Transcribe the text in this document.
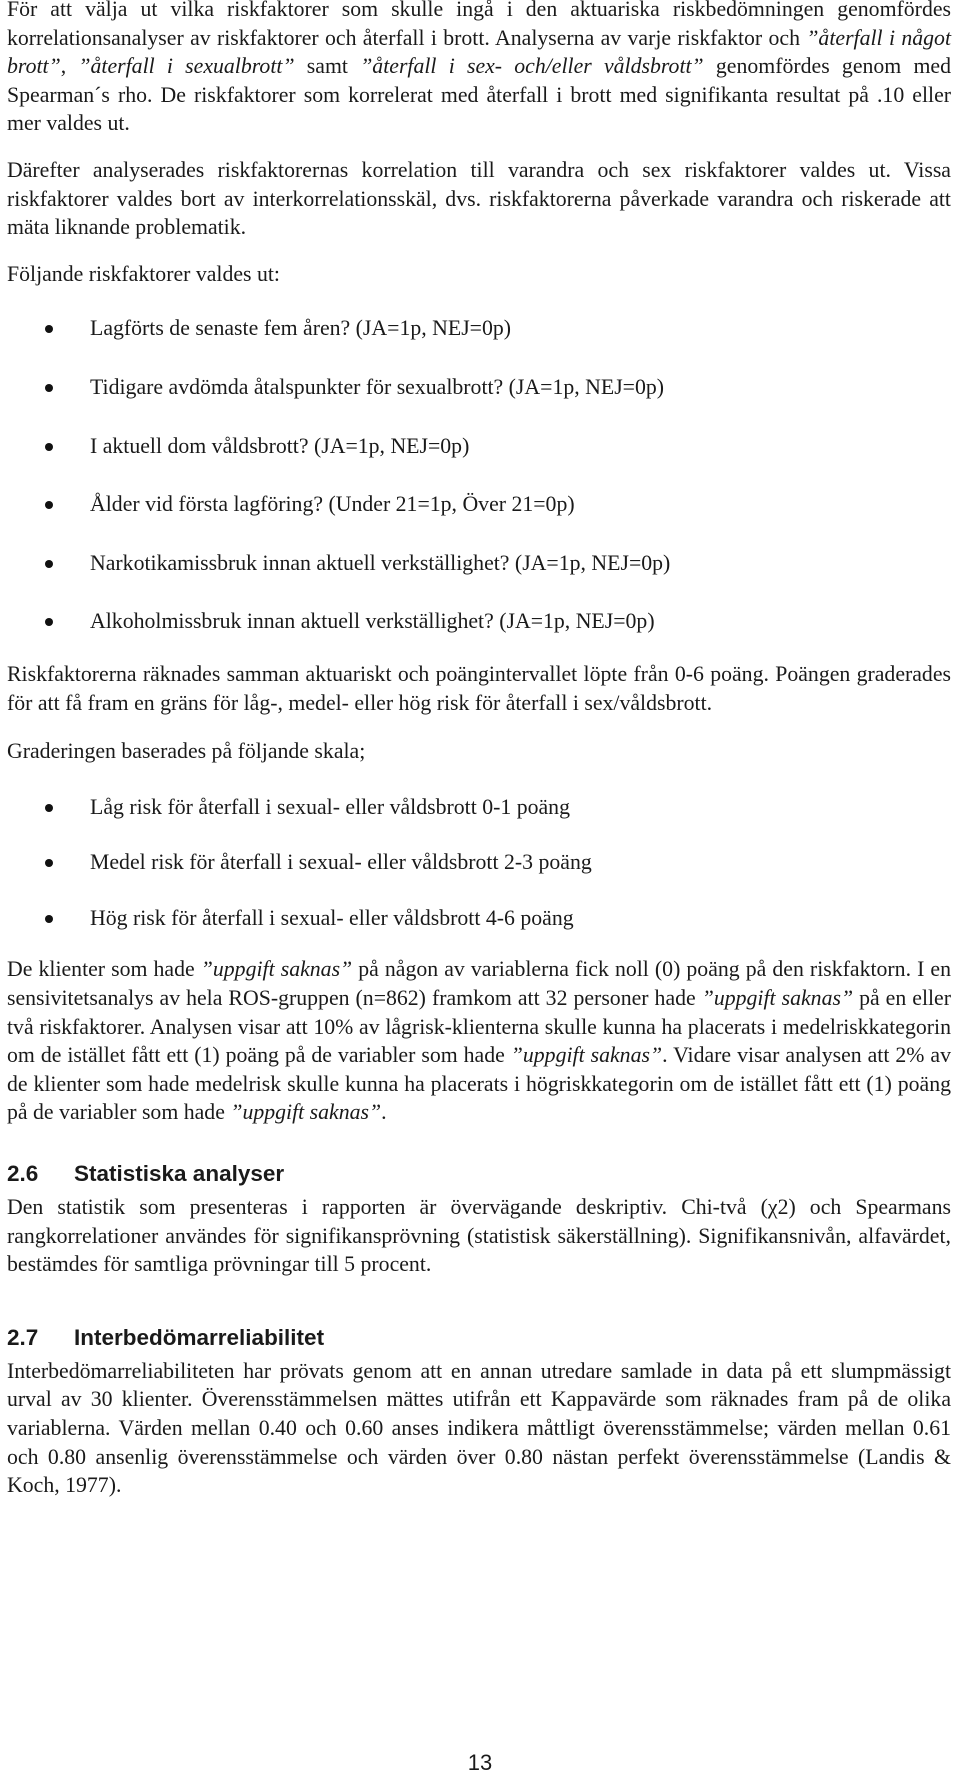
För att välja ut vilka riskfaktorer som skulle ingå i den aktuariska riskbedömningen genomfördes korrelationsanalyser av riskfaktorer och återfall i brott. Analyserna av varje riskfaktor och ”återfall i något brott”, ”återfall i sexualbrott” samt ”återfall i sex- och/eller våldsbrott” genomfördes genom med Spearman´s rho. De riskfaktorer som korrelerat med återfall i brott med signifikanta resultat på .10 eller mer valdes ut.

Därefter analyserades riskfaktorernas korrelation till varandra och sex riskfaktorer valdes ut. Vissa riskfaktorer valdes bort av interkorrelationsskäl, dvs. riskfaktorerna påverkade varandra och riskerade att mäta liknande problematik.

Följande riskfaktorer valdes ut:

Lagförts de senaste fem åren? (JA=1p, NEJ=0p)
Tidigare avdömda åtalspunkter för sexualbrott? (JA=1p, NEJ=0p)
I aktuell dom våldsbrott? (JA=1p, NEJ=0p)
Ålder vid första lagföring? (Under 21=1p, Över 21=0p)
Narkotikamissbruk innan aktuell verkställighet? (JA=1p, NEJ=0p)
Alkoholmissbruk innan aktuell verkställighet? (JA=1p, NEJ=0p)

Riskfaktorerna räknades samman aktuariskt och poängintervallet löpte från 0-6 poäng. Poängen graderades för att få fram en gräns för låg-, medel- eller hög risk för återfall i sex/våldsbrott.

Graderingen baserades på följande skala;

Låg risk för återfall i sexual- eller våldsbrott 0-1 poäng
Medel risk för återfall i sexual- eller våldsbrott 2-3 poäng
Hög risk för återfall i sexual- eller våldsbrott 4-6 poäng

De klienter som hade ”uppgift saknas” på någon av variablerna fick noll (0) poäng på den riskfaktorn. I en sensivitetsanalys av hela ROS-gruppen (n=862) framkom att 32 personer hade ”uppgift saknas” på en eller två riskfaktorer. Analysen visar att 10% av lågrisk-klienterna skulle kunna ha placerats i medelriskkategorin om de istället fått ett (1) poäng på de variabler som hade ”uppgift saknas”. Vidare visar analysen att 2% av de klienter som hade medelrisk skulle kunna ha placerats i högriskkategorin om de istället fått ett (1) poäng på de variabler som hade ”uppgift saknas”.

2.6 Statistiska analyser

Den statistik som presenteras i rapporten är övervägande deskriptiv. Chi-två (χ2) och Spearmans rangkorrelationer användes för signifikansprövning (statistisk säkerställning). Signifikansnivån, alfavärdet, bestämdes för samtliga prövningar till 5 procent.

2.7 Interbedömarreliabilitet

Interbedömarreliabiliteten har prövats genom att en annan utredare samlade in data på ett slumpmässigt urval av 30 klienter. Överensstämmelsen mättes utifrån ett Kappavärde som räknades fram på de olika variablerna. Värden mellan 0.40 och 0.60 anses indikera måttligt överensstämmelse; värden mellan 0.61 och 0.80 ansenlig överensstämmelse och värden över 0.80 nästan perfekt överensstämmelse (Landis & Koch, 1977).

13
